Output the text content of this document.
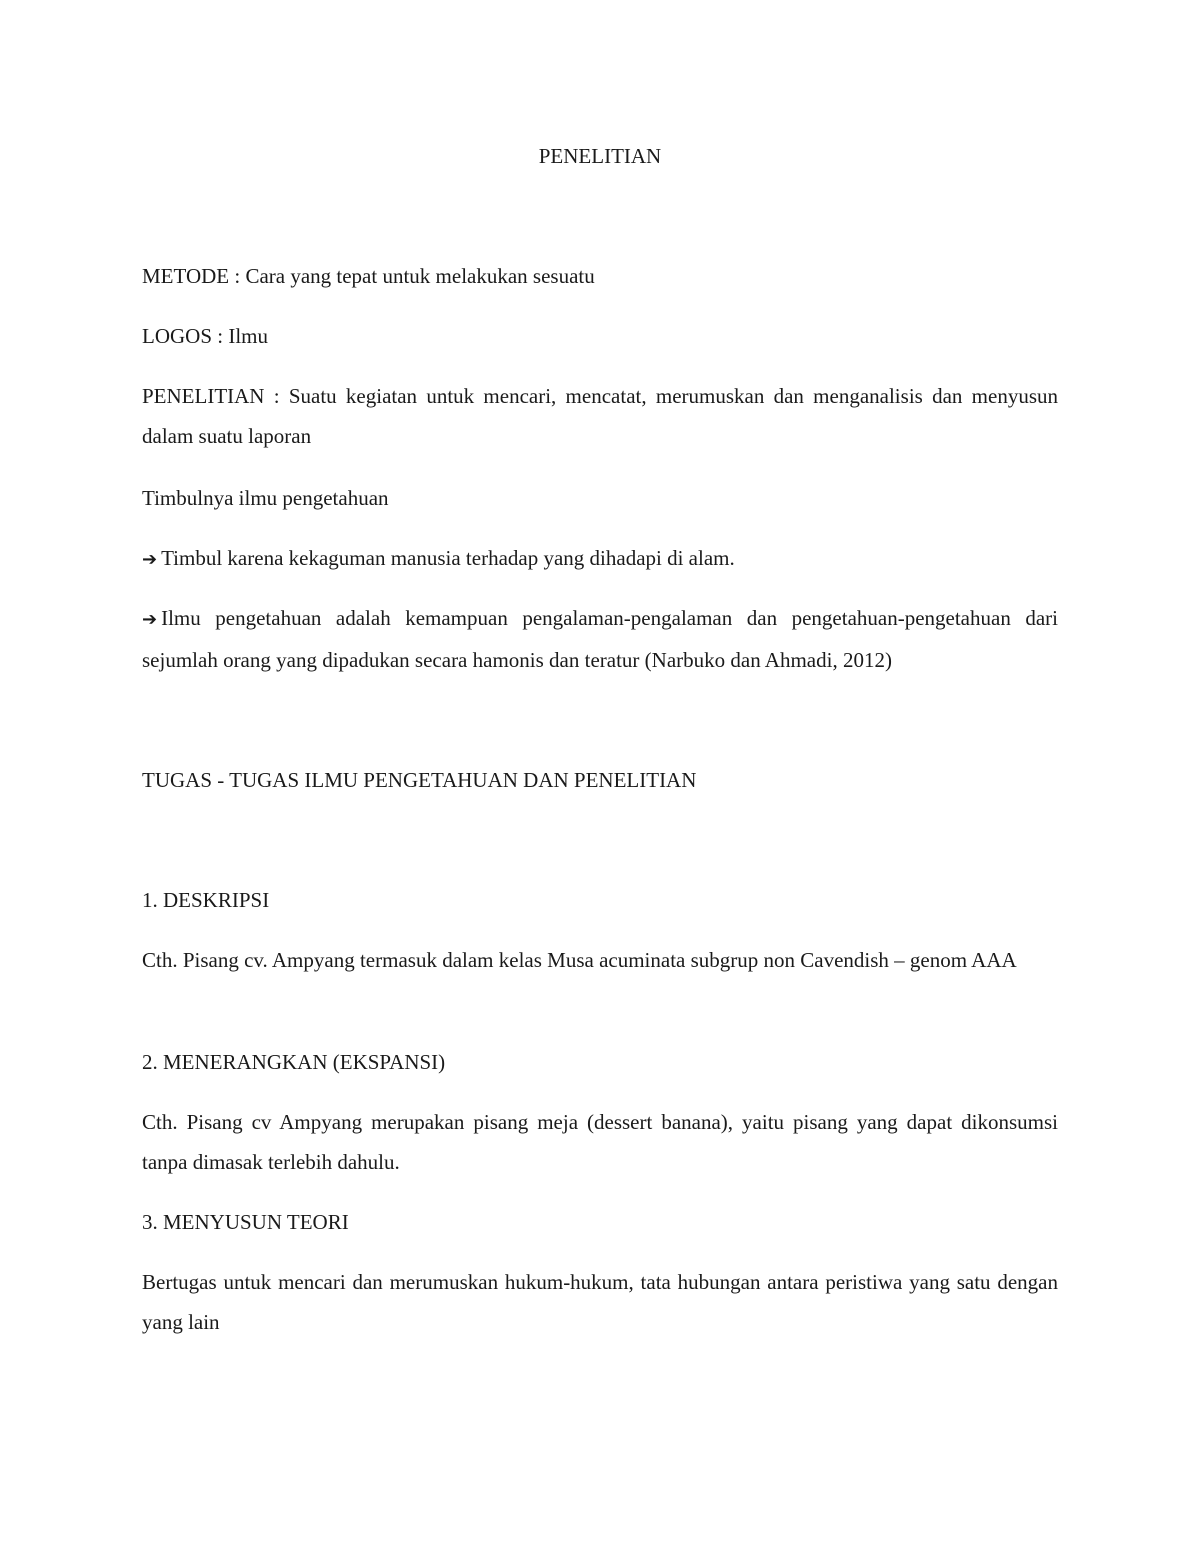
PENELITIAN

METODE : Cara yang tepat untuk melakukan sesuatu

LOGOS : Ilmu

PENELITIAN : Suatu kegiatan untuk mencari, mencatat, merumuskan dan menganalisis dan menyusun dalam suatu laporan

Timbulnya ilmu pengetahuan

➔ Timbul karena kekaguman manusia terhadap yang dihadapi di alam.

➔ Ilmu pengetahuan adalah kemampuan pengalaman-pengalaman dan pengetahuan-pengetahuan dari sejumlah orang yang dipadukan secara hamonis dan teratur (Narbuko dan Ahmadi, 2012)

TUGAS - TUGAS ILMU PENGETAHUAN DAN PENELITIAN

1. DESKRIPSI

Cth. Pisang cv. Ampyang termasuk dalam kelas Musa acuminata subgrup non Cavendish – genom AAA

2. MENERANGKAN (EKSPANSI)

Cth. Pisang cv Ampyang merupakan pisang meja (dessert banana), yaitu pisang yang dapat dikonsumsi tanpa dimasak terlebih dahulu.

3. MENYUSUN TEORI

Bertugas untuk mencari dan merumuskan hukum-hukum, tata hubungan antara peristiwa yang satu dengan yang lain
